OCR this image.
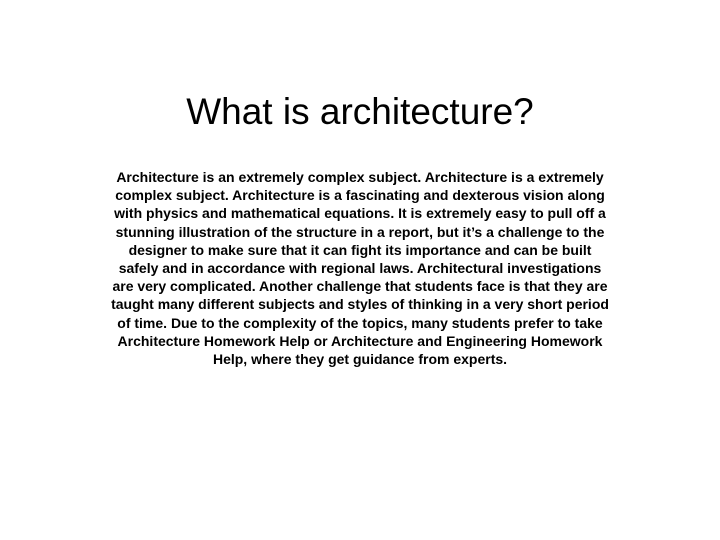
What is architecture?

Architecture is an extremely complex subject. Architecture is a extremely complex subject. Architecture is a fascinating and dexterous vision along with physics and mathematical equations. It is extremely easy to pull off a stunning illustration of the structure in a report, but it’s a challenge to the designer to make sure that it can fight its importance and can be built safely and in accordance with regional laws. Architectural investigations are very complicated. Another challenge that students face is that they are taught many different subjects and styles of thinking in a very short period of time. Due to the complexity of the topics, many students prefer to take Architecture Homework Help or Architecture and Engineering Homework Help, where they get guidance from experts.
